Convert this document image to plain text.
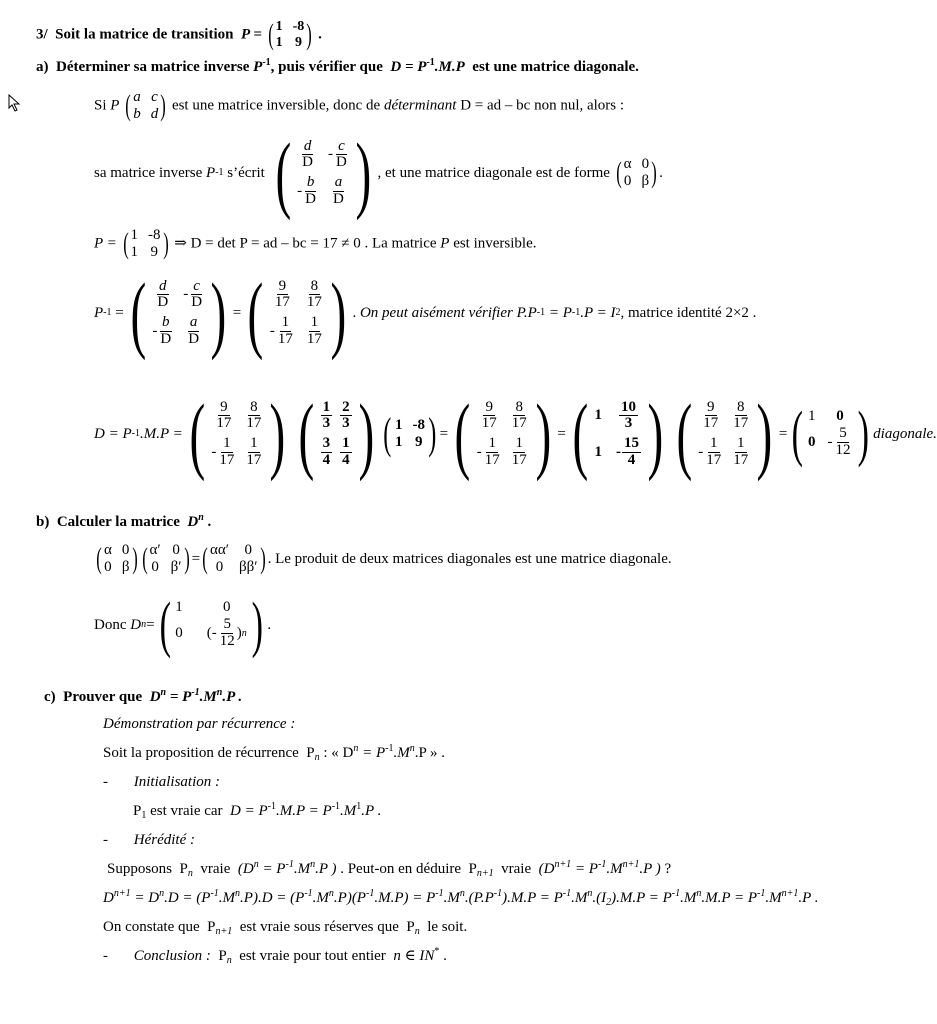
3/ Soit la matrice de transition P = ( 1 -8
1 9 ) .
a) Déterminer sa matrice inverse $P^{-1}$, puis vérifier que $D = P^{-1}.M.P$ est une matrice diagonale.
Si P ( a c
b d ) est une matrice inversible, donc de déterminant D = ad – bc non nul, alors :
sa matrice inverse
P -1
s’écrit
( $\frac{d}{D} - \frac{c}{D}$
- $\frac{b}{D} \frac{a}{D}$ ) , et une matrice diagonale est de forme
( α 0
0 β ) .
P = ( 1 -8
1 9 ) ⇒ D = det P = ad – bc = 17 ≠ 0 . La matrice P est inversible.
P -1 = ( $\frac{d}{D} - \frac{c}{D}$
- $\frac{b}{D} \frac{a}{D}$ ) = ( $\frac{9}{17} \frac{8}{17}$
- $\frac{1}{17} \frac{1}{17}$ ) . On peut aisément vérifier
P.P -1
= P -1 .P = I 2 , matrice identité
2×2 .
D = P -1 .M.P = ( $\frac{9}{17} \frac{8}{17}$
- $\frac{1}{17} \frac{1}{17}$ ) ( $\frac{1}{3} \frac{2}{3}$
$\frac{3}{4} \frac{1}{4}$ ) ( 1 -8
1 9 ) = ( $\frac{9}{17} \frac{8}{17}$
- $\frac{1}{17} \frac{1}{17}$ ) = ( $1 \frac{10}{3}$
$1 - \frac{15}{4}$ ) ( $\frac{9}{17} \frac{8}{17}$
- $\frac{1}{17} \frac{1}{17}$ ) = ( 1	0
$0 - \frac{5}{12}$ ) diagonale.
b) Calculer la matrice $D^n$ .
( α 0
0 β ) ( α′ 0
0 β′ ) = ( αα′	0
0	ββ′ ) . Le produit de deux matrices diagonales est une matrice diagonale.
Donc
D n = ( 1	0
0 ( - $\frac{5}{12}$ ) n ) .
c) Prouver que $D^n = P^{-1}.M^n.P$ .
Démonstration par récurrence :
Soit la proposition de récurrence $P_n$ : « $D^n = P^{-1}.M^n.P$ » .
- Initialisation :
$P_1$ est vraie car $D = P^{-1}.M.P = P^{-1}.M^1.P$ .
- Hérédité :
Supposons  $P_n$ vraie ($D^n = P^{-1}.M^n.P$ ) . Peut-on en déduire  $P_{n+1}$ vraie ($D^{n+1} = P^{-1}.M^{n+1}.P$ ) ?
$D^{n+1} = D^n.D = (P^{-1}.M^n.P).D = (P^{-1}.M^n.P)(P^{-1}.M.P) = P^{-1}.M^n.(P.P^{-1}).M.P = P^{-1}.M^n.(I_2).M.P = P^{-1}.M^n.M.P = P^{-1}.M^{n+1}.P$ .
On constate que  $P_{n+1}$ est vraie sous réserves que  $P_n$ le soit.
- Conclusion :  $P_n$ est vraie pour tout entier n ∈ IN* .
